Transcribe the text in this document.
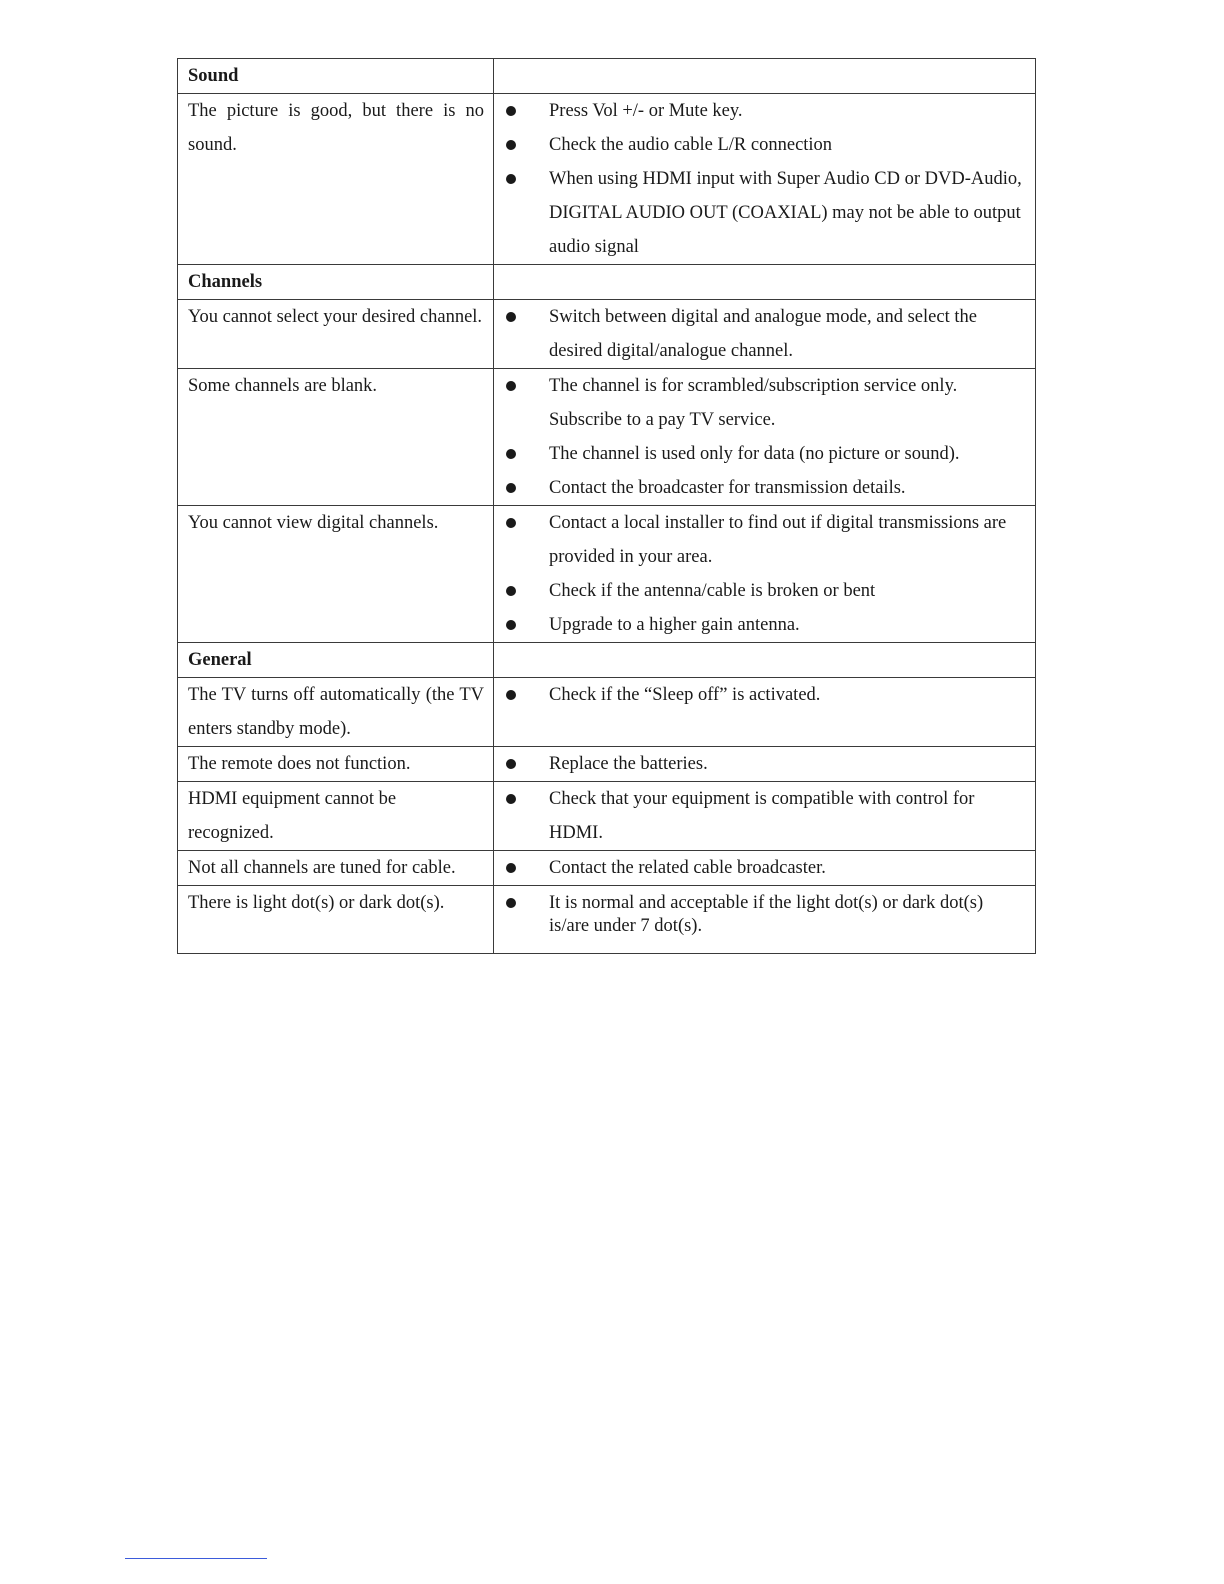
Sound	
The picture is good, but there is no sound.	Press Vol +/- or Mute key.
Check the audio cable L/R connection
When using HDMI input with Super Audio CD or DVD-Audio, DIGITAL AUDIO OUT (COAXIAL) may not be able to output audio signal

Channels	
You cannot select your desired channel.	Switch between digital and analogue mode, and select the desired digital/analogue channel.

Some channels are blank.	The channel is for scrambled/subscription service only. Subscribe to a pay TV service.
The channel is used only for data (no picture or sound).
Contact the broadcaster for transmission details.

You cannot view digital channels.	Contact a local installer to find out if digital transmissions are provided in your area.
Check if the antenna/cable is broken or bent
Upgrade to a higher gain antenna.

General	
The TV turns off automatically (the TV enters standby mode).	Check if the “Sleep off” is activated.

The remote does not function.	Replace the batteries.

HDMI equipment cannot be recognized.	Check that your equipment is compatible with control for HDMI.

Not all channels are tuned for cable.	Contact the related cable broadcaster.

There is light dot(s) or dark dot(s).	It is normal and acceptable if the light dot(s) or dark dot(s) is/are under 7 dot(s).
